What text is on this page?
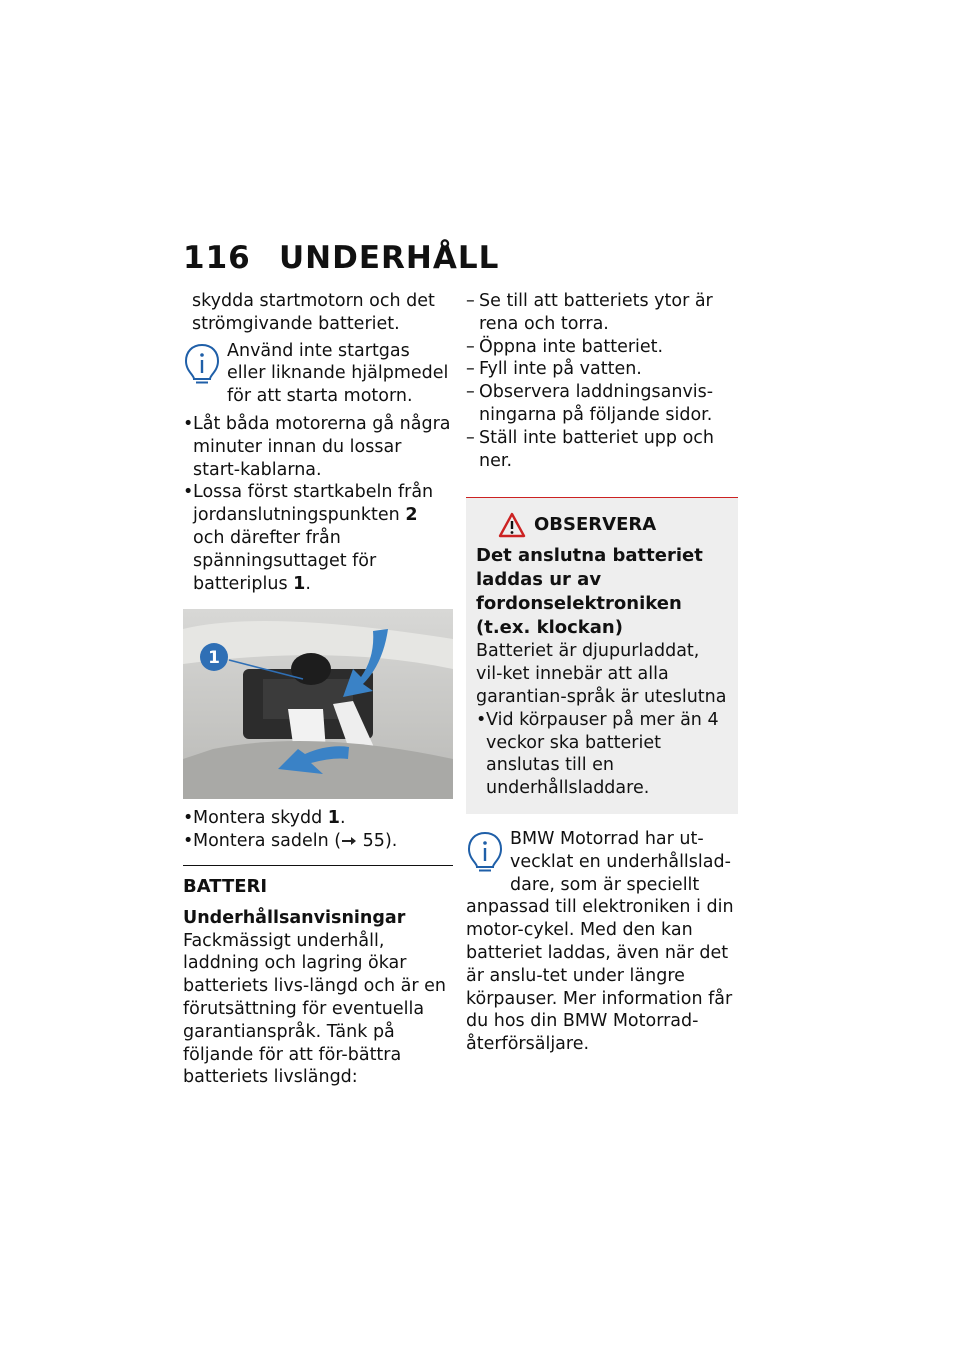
116 UNDERHÅLL

skydda startmotorn och det

strömgivande batteriet.

Använd inte startgas eller liknande hjälpmedel för att starta motorn.

• Låt båda motorerna gå några minuter innan du lossar start-kablarna.
• Lossa först startkabeln från jordanslutningspunkten 2 och därefter från spänningsuttaget för batteriplus 1.
1
• Montera skydd 1.
• Montera sadeln ( 55).
BATTERI

Underhållsanvisningar

Fackmässigt underhåll, laddning och lagring ökar batteriets livs-längd och är en förutsättning för eventuella garantianspråk. Tänk på följande för att för-bättra batteriets livslängd:

– Se till att batteriets ytor är rena och torra.
– Öppna inte batteriet.
– Fyll inte på vatten.
– Observera laddningsanvis-ningarna på följande sidor.
– Ställ inte batteriet upp och ner.
OBSERVERA

Det anslutna batteriet laddas ur av fordonselektroniken (t.ex. klockan)

Batteriet är djupurladdat, vil-ket innebär att alla garantian-språk är uteslutna

• Vid körpauser på mer än 4 veckor ska batteriet anslutas till en underhållsladdare.

BMW Motorrad har ut-vecklat en underhållslad-dare, som är speciellt anpassad till elektroniken i din motor-cykel. Med den kan batteriet laddas, även när det är anslu-tet under längre körpauser. Mer information får du hos din BMW Motorrad-återförsäljare.
